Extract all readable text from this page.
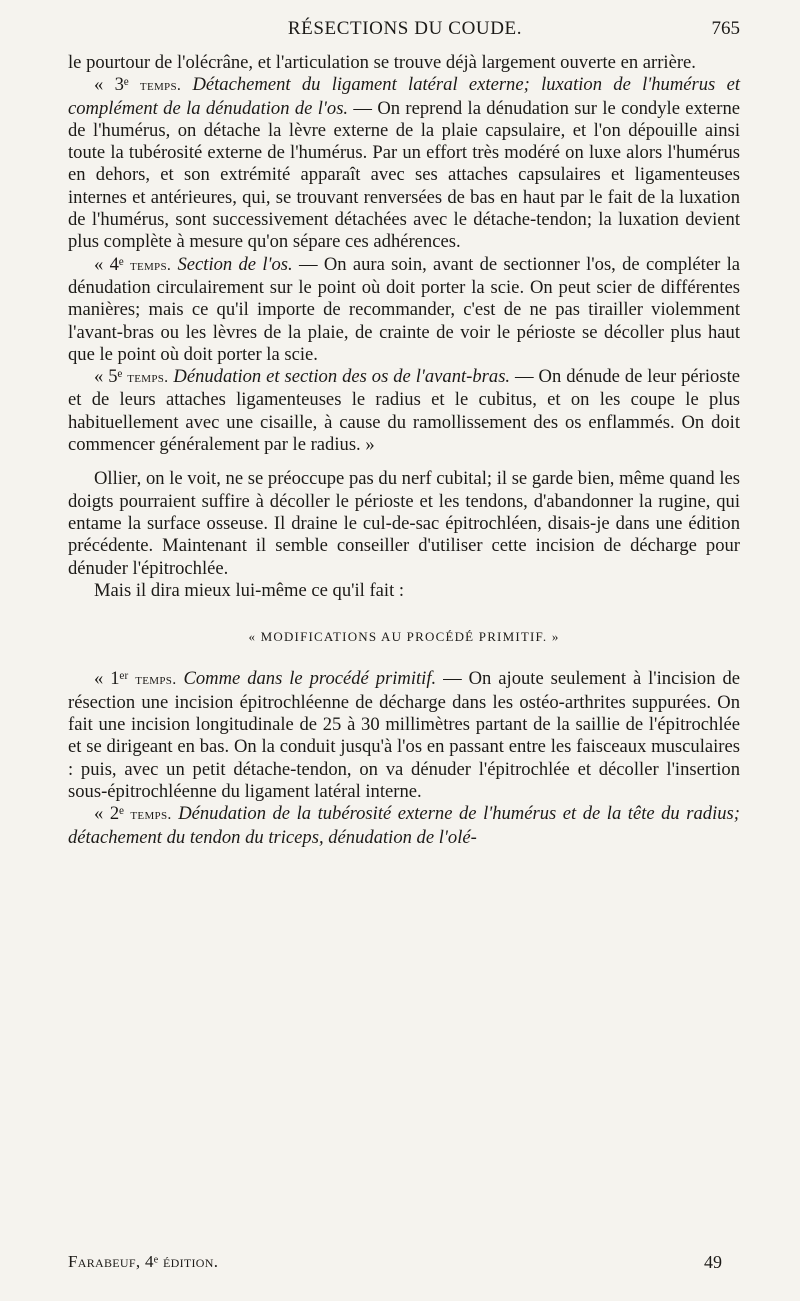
RÉSECTIONS DU COUDE.	765

le pourtour de l'olécrâne, et l'articulation se trouve déjà largement ouverte en arrière.

« 3ᵉ temps. Détachement du ligament latéral externe; luxation de l'humérus et complément de la dénudation de l'os. — On reprend la dénudation sur le condyle externe de l'humérus, on détache la lèvre externe de la plaie capsulaire, et l'on dépouille ainsi toute la tubérosité externe de l'humérus. Par un effort très modéré on luxe alors l'humérus en dehors, et son extrémité apparaît avec ses attaches capsulaires et ligamenteuses internes et antérieures, qui, se trouvant renversées de bas en haut par le fait de la luxation de l'humérus, sont successivement détachées avec le détache-tendon; la luxation devient plus complète à mesure qu'on sépare ces adhérences.

« 4ᵉ temps. Section de l'os. — On aura soin, avant de sectionner l'os, de compléter la dénudation circulairement sur le point où doit porter la scie. On peut scier de différentes manières; mais ce qu'il importe de recommander, c'est de ne pas tirailler violemment l'avant-bras ou les lèvres de la plaie, de crainte de voir le périoste se décoller plus haut que le point où doit porter la scie.

« 5ᵉ temps. Dénudation et section des os de l'avant-bras. — On dénude de leur périoste et de leurs attaches ligamenteuses le radius et le cubitus, et on les coupe le plus habituellement avec une cisaille, à cause du ramollissement des os enflammés. On doit commencer généralement par le radius. »

Ollier, on le voit, ne se préoccupe pas du nerf cubital; il se garde bien, même quand les doigts pourraient suffire à décoller le périoste et les tendons, d'abandonner la rugine, qui entame la surface osseuse. Il draine le cul-de-sac épitrochléen, disais-je dans une édition précédente. Maintenant il semble conseiller d'utiliser cette incision de décharge pour dénuder l'épitrochlée.

Mais il dira mieux lui-même ce qu'il fait :

« MODIFICATIONS AU PROCÉDÉ PRIMITIF. »

« 1ᵉʳ temps. Comme dans le procédé primitif. — On ajoute seulement à l'incision de résection une incision épitrochléenne de décharge dans les ostéo-arthrites suppurées. On fait une incision longitudinale de 25 à 30 millimètres partant de la saillie de l'épitrochlée et se dirigeant en bas. On la conduit jusqu'à l'os en passant entre les faisceaux musculaires : puis, avec un petit détache-tendon, on va dénuder l'épitrochlée et décoller l'insertion sous-épitrochléenne du ligament latéral interne.

« 2ᵉ temps. Dénudation de la tubérosité externe de l'humérus et de la tête du radius; détachement du tendon du triceps, dénudation de l'olé-

Farabeuf, 4ᵉ édition.	49
